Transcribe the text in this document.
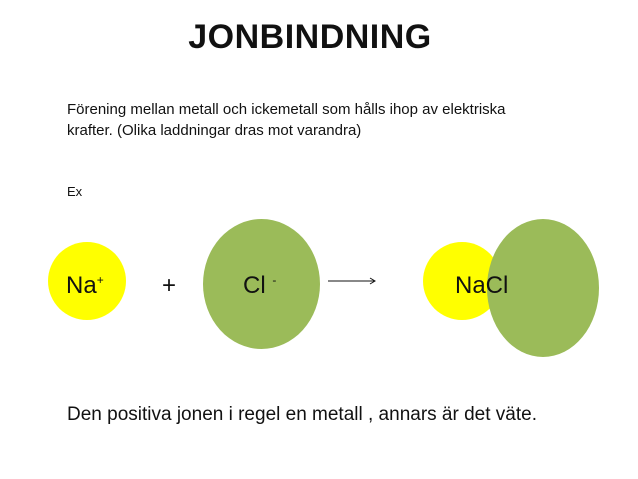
JONBINDNING
Förening mellan metall och ickemetall som hålls ihop av elektriska
krafter. (Olika laddningar dras mot varandra)
Ex
Na+ +	Cl -	NaCl
Den positiva jonen i regel en metall , annars är det väte.
